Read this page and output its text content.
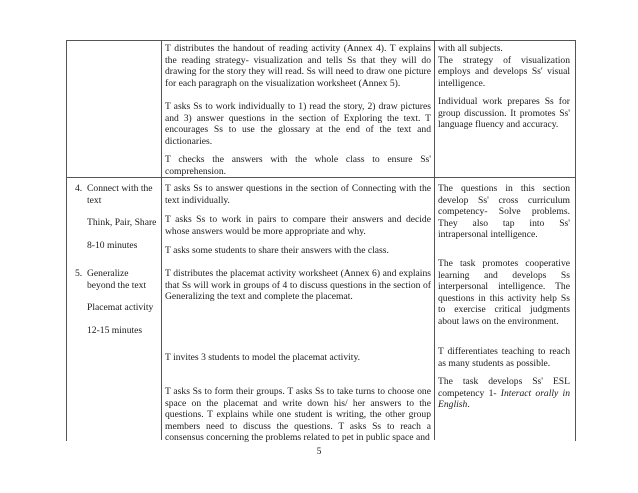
T distributes the handout of reading activity (Annex 4). T explains the reading strategy- visualization and tells Ss that they will do drawing for the story they will read. Ss will need to draw one picture for each paragraph on the visualization worksheet (Annex 5).

T asks Ss to work individually to 1) read the story, 2) draw pictures and 3) answer questions in the section of Exploring the text. T encourages Ss to use the glossary at the end of the text and dictionaries.

T checks the answers with the whole class to ensure Ss' comprehension.

with all subjects.

The strategy of visualization employs and develops Ss' visual intelligence.

Individual work prepares Ss for group discussion. It promotes Ss' language fluency and accuracy.

4. Connect with the text

Think, Pair, Share

8-10 minutes

5. Generalize beyond the text

Placemat activity

12-15 minutes

T asks Ss to answer questions in the section of Connecting with the text individually.

T asks Ss to work in pairs to compare their answers and decide whose answers would be more appropriate and why.

T asks some students to share their answers with the class.

T distributes the placemat activity worksheet (Annex 6) and explains that Ss will work in groups of 4 to discuss questions in the section of Generalizing the text and complete the placemat.

T invites 3 students to model the placemat activity.

T asks Ss to form their groups. T asks Ss to take turns to choose one space on the placemat and write down his/ her answers to the questions. T explains while one student is writing, the other group members need to discuss the questions. T asks Ss to reach a consensus concerning the problems related to pet in public space and

The questions in this section develop Ss' cross curriculum competency- Solve problems. They also tap into Ss' intrapersonal intelligence.

The task promotes cooperative learning and develops Ss interpersonal intelligence. The questions in this activity help Ss to exercise critical judgments about laws on the environment.

T differentiates teaching to reach as many students as possible.

The task develops Ss' ESL competency 1- Interact orally in English.

5
